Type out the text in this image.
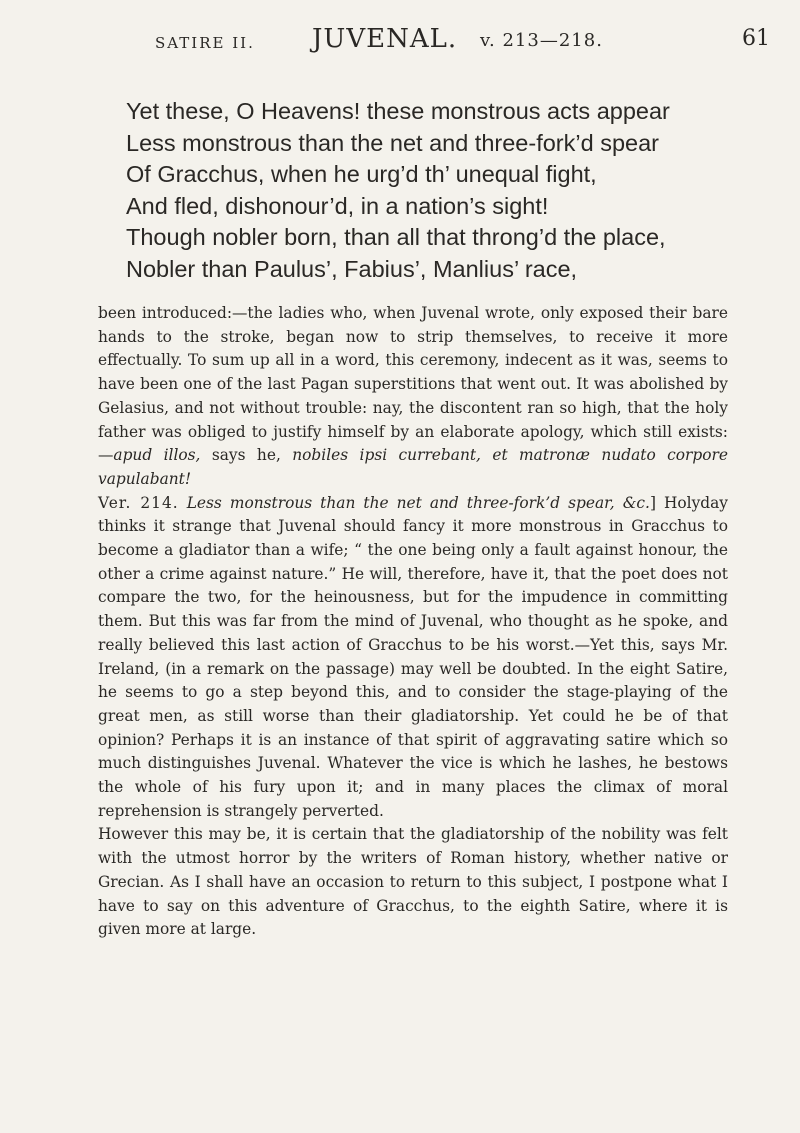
SATIRE II. JUVENAL. v. 213—218.	61
Yet these, O Heavens! these monstrous acts appear
Less monstrous than the net and three-fork’d spear
Of Gracchus, when he urg’d th’ unequal fight,
And fled, dishonour’d, in a nation’s sight!
Though nobler born, than all that throng’d the place,
Nobler than Paulus’, Fabius’, Manlius’ race,

been introduced:—the ladies who, when Juvenal wrote, only exposed their bare hands to the stroke, began now to strip themselves, to receive it more effectually. To sum up all in a word, this ceremony, indecent as it was, seems to have been one of the last Pagan superstitions that went out. It was abolished by Gelasius, and not without trouble: nay, the discontent ran so high, that the holy father was obliged to justify himself by an elaborate apology, which still exists:—apud illos, says he, nobiles ipsi currebant, et matronæ nudato corpore vapulabant!

Ver. 214. Less monstrous than the net and three-fork’d spear, &c.] Holyday thinks it strange that Juvenal should fancy it more monstrous in Gracchus to become a gladiator than a wife; “ the one being only a fault against honour, the other a crime against nature.” He will, therefore, have it, that the poet does not compare the two, for the heinousness, but for the impudence in committing them. But this was far from the mind of Juvenal, who thought as he spoke, and really believed this last action of Gracchus to be his worst.—Yet this, says Mr. Ireland, (in a remark on the passage) may well be doubted. In the eight Satire, he seems to go a step beyond this, and to consider the stage-playing of the great men, as still worse than their gladiatorship. Yet could he be of that opinion? Perhaps it is an instance of that spirit of aggravating satire which so much distinguishes Juvenal. Whatever the vice is which he lashes, he bestows the whole of his fury upon it; and in many places the climax of moral reprehension is strangely perverted.

However this may be, it is certain that the gladiatorship of the nobility was felt with the utmost horror by the writers of Roman history, whether native or Grecian. As I shall have an occasion to return to this subject, I postpone what I have to say on this adventure of Gracchus, to the eighth Satire, where it is given more at large.
